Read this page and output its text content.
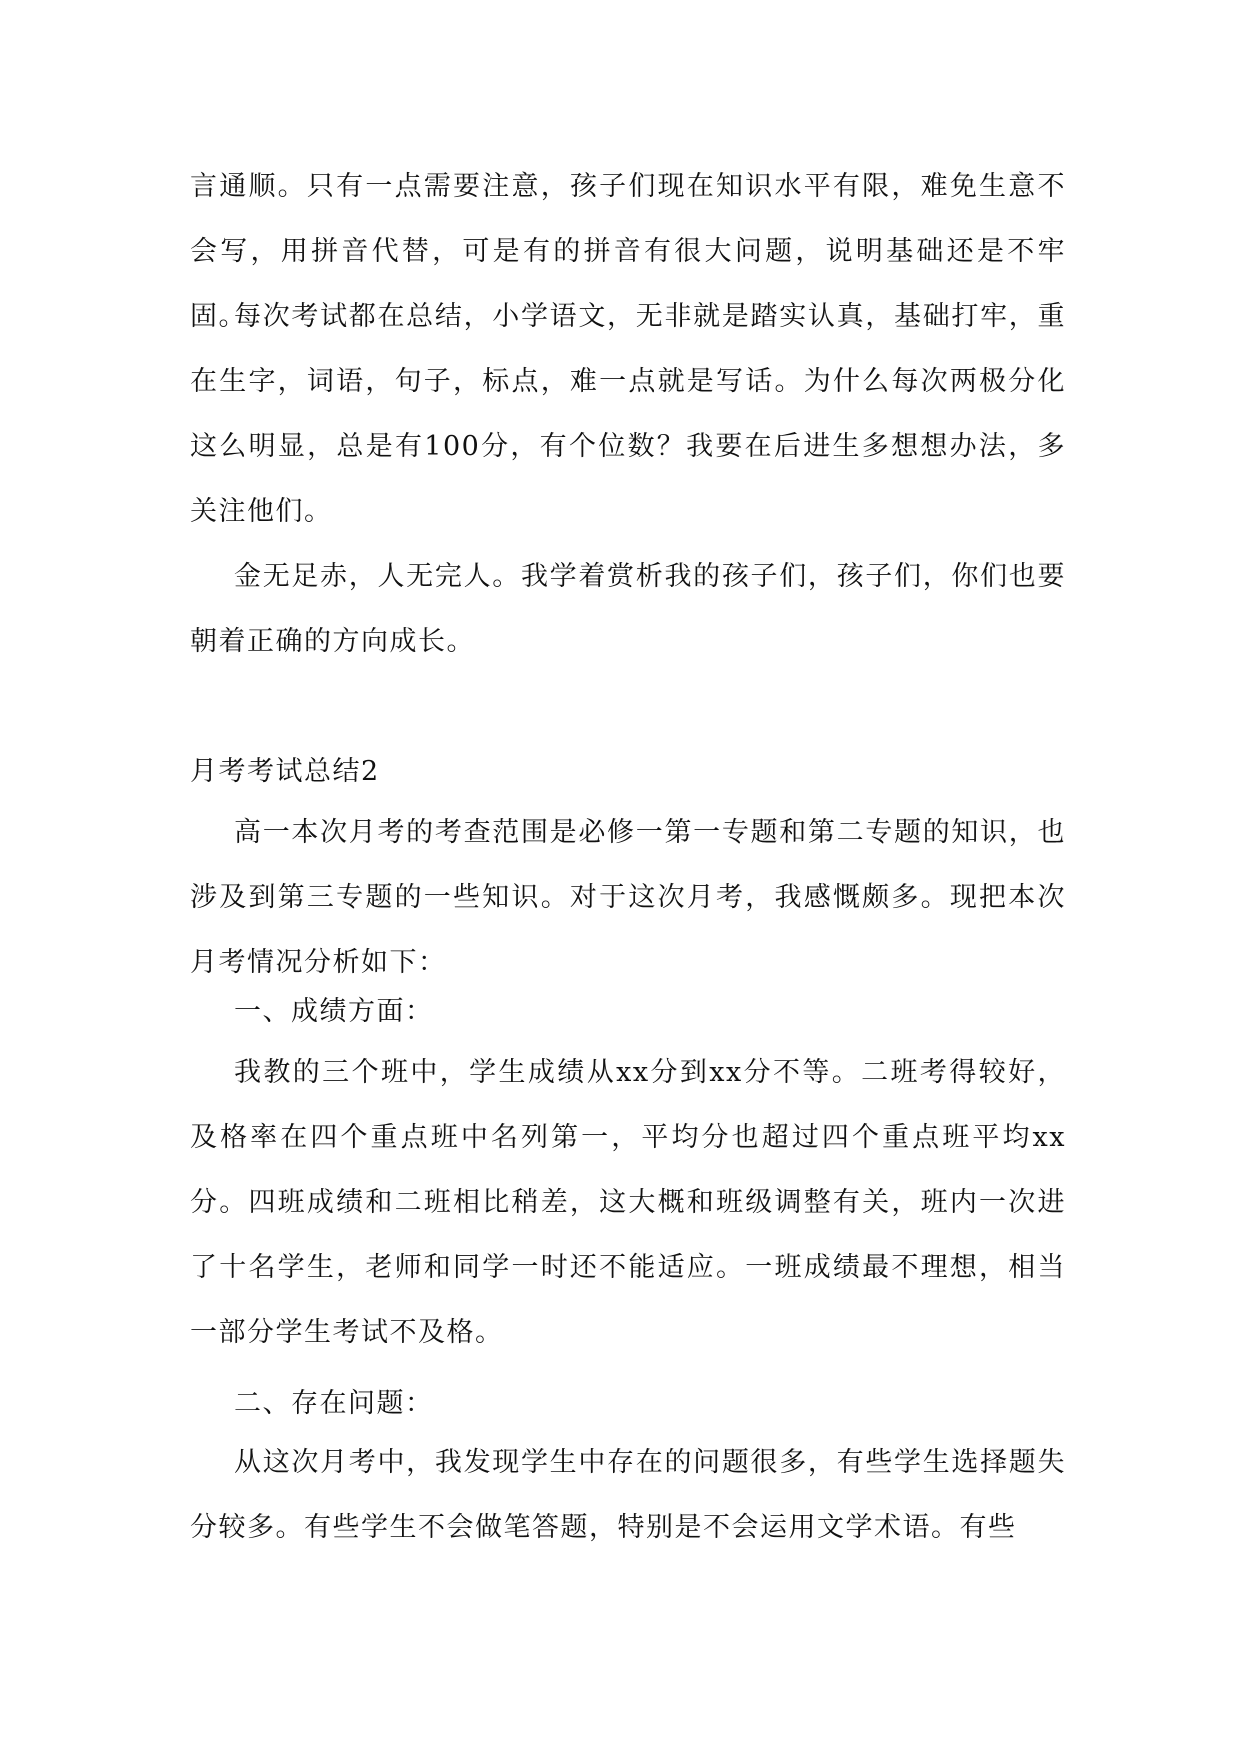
言通顺。只有一点需要注意，孩子们现在知识水平有限，难免生意不会写，用拼音代替，可是有的拼音有很大问题，说明基础还是不牢固。

每次考试都在总结，小学语文，无非就是踏实认真，基础打牢，重在生字，词语，句子，标点，难一点就是写话。为什么每次两极分化这么明显，总是有100分，有个位数？我要在后进生多想想办法，多关注他们。

金无足赤，人无完人。我学着赏析我的孩子们，孩子们，你们也要朝着正确的方向成长。

月考考试总结2

高一本次月考的考查范围是必修一第一专题和第二专题的知识，也涉及到第三专题的一些知识。对于这次月考，我感慨颇多。现把本次月考情况分析如下：

一、成绩方面：

我教的三个班中，学生成绩从xx分到xx分不等。二班考得较好，及格率在四个重点班中名列第一，平均分也超过四个重点班平均xx分。四班成绩和二班相比稍差，这大概和班级调整有关，班内一次进了十名学生，老师和同学一时还不能适应。一班成绩最不理想，相当一部分学生考试不及格。

二、存在问题：

从这次月考中，我发现学生中存在的问题很多，有些学生选择题失分较多。有些学生不会做笔答题，特别是不会运用文学术语。有些
